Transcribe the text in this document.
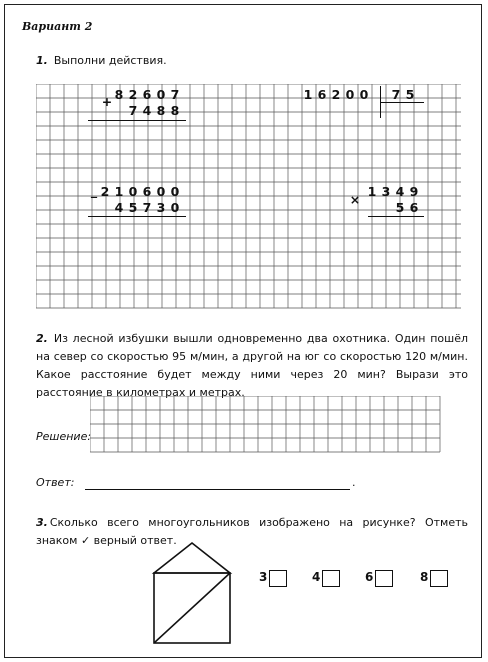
Вариант 2
1. Выполни действия.
+ 8 2 6 0 7
7 4 8 8
1 6 2 0 0 7 5
_ 2 1 0 6 0 0
4 5 7 3 0
×
1 3 4 9
5 6
2. Из лесной избушки вышли одновременно два охотника. Один пошёл на север со скоростью 95 м/мин, а другой на юг со скоростью 120 м/мин. Какое расстояние будет между ними через 20 мин? Вырази это расстояние в километрах и метрах.
Решение:
Ответ:	.
3. Сколько всего многоугольников изображено на рисунке? Отметь знаком ✓ верный ответ.
3	4	6	8
